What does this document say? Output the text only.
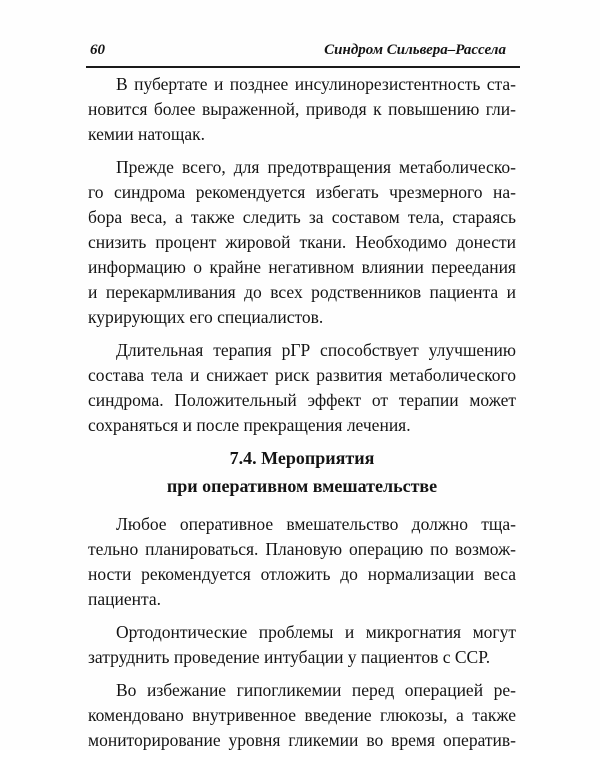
60	Синдром Сильвера–Рассела

В пубертате и позднее инсулинорезистентность ста-
новится более выраженной, приводя к повышению гли-
кемии натощак.

Прежде всего, для предотвращения метаболическо-
го синдрома рекомендуется избегать чрезмерного на-
бора веса, а также следить за составом тела, стараясь
снизить процент жировой ткани. Необходимо донести
информацию о крайне негативном влиянии переедания
и перекармливания до всех родственников пациента и
курирующих его специалистов.

Длительная терапия рГР способствует улучшению
состава тела и снижает риск развития метаболического
синдрома. Положительный эффект от терапии может
сохраняться и после прекращения лечения.

7.4. Мероприятия
при оперативном вмешательстве

Любое оперативное вмешательство должно тща-
тельно планироваться. Плановую операцию по возмож-
ности рекомендуется отложить до нормализации веса
пациента.

Ортодонтические проблемы и микрогнатия могут
затруднить проведение интубации у пациентов с ССР.

Во избежание гипогликемии перед операцией ре-
комендовано внутривенное введение глюкозы, а также
мониторирование уровня гликемии во время оператив-
